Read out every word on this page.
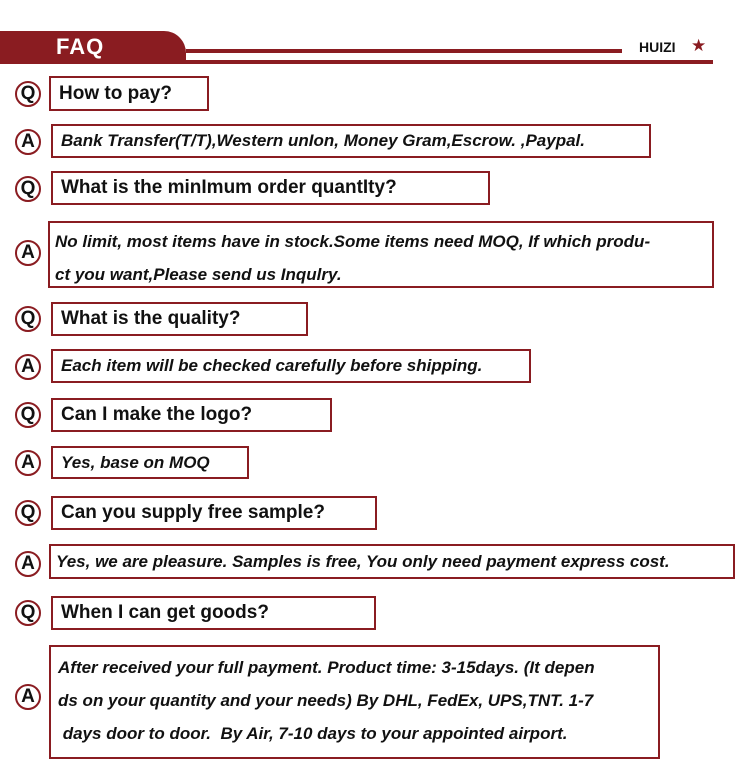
FAQ	HUIZI ★
Q	How to pay?
A	Bank Transfer(T/T),Western unIon, Money Gram,Escrow. ,Paypal.
Q	What is the minImum order quantIty?
A
No limit, most items have in stock.Some items need MOQ, If which produ-
ct you want,Please send us Inqulry.
Q	What is the quality?
A	Each item will be checked carefully before shipping.
Q	Can I make the logo?
A	Yes, base on MOQ
Q	Can you supply free sample?
A	Yes, we are pleasure. Samples is free, You only need payment express cost.
Q	When I can get goods?
A
After received your full payment. Product time: 3-15days. (It depen
ds on your quantity and your needs) By DHL, FedEx, UPS,TNT. 1-7
days door to door.  By Air, 7-10 days to your appointed airport.
